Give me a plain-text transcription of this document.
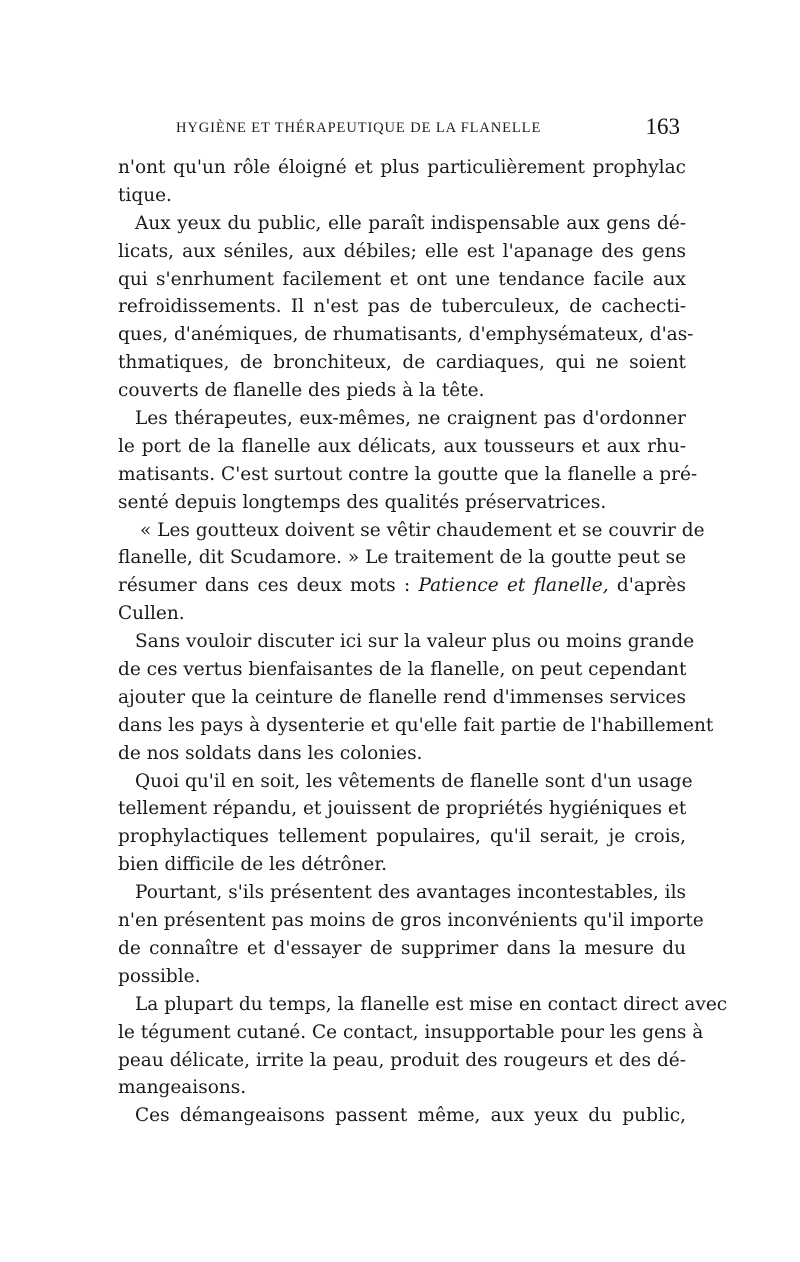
HYGIÈNE ET THÉRAPEUTIQUE DE LA FLANELLE	163
n'ont qu'un rôle éloigné et plus particulièrement prophylac
tique.
Aux yeux du public, elle paraît indispensable aux gens dé-
licats, aux séniles, aux débiles; elle est l'apanage des gens
qui s'enrhument facilement et ont une tendance facile aux
refroidissements. Il n'est pas de tuberculeux, de cachecti-
ques, d'anémiques, de rhumatisants, d'emphysémateux, d'as-
thmatiques, de bronchiteux, de cardiaques, qui ne soient
couverts de flanelle des pieds à la tête.
Les thérapeutes, eux-mêmes, ne craignent pas d'ordonner
le port de la flanelle aux délicats, aux tousseurs et aux rhu-
matisants. C'est surtout contre la goutte que la flanelle a pré-
senté depuis longtemps des qualités préservatrices.
« Les goutteux doivent se vêtir chaudement et se couvrir de
flanelle, dit Scudamore. » Le traitement de la goutte peut se
résumer dans ces deux mots : Patience et flanelle, d'après
Cullen.
Sans vouloir discuter ici sur la valeur plus ou moins grande
de ces vertus bienfaisantes de la flanelle, on peut cependant
ajouter que la ceinture de flanelle rend d'immenses services
dans les pays à dysenterie et qu'elle fait partie de l'habillement
de nos soldats dans les colonies.
Quoi qu'il en soit, les vêtements de flanelle sont d'un usage
tellement répandu, et jouissent de propriétés hygiéniques et
prophylactiques tellement populaires, qu'il serait, je crois,
bien difficile de les détrôner.
Pourtant, s'ils présentent des avantages incontestables, ils
n'en présentent pas moins de gros inconvénients qu'il importe
de connaître et d'essayer de supprimer dans la mesure du
possible.
La plupart du temps, la flanelle est mise en contact direct avec
le tégument cutané. Ce contact, insupportable pour les gens à
peau délicate, irrite la peau, produit des rougeurs et des dé-
mangeaisons.
Ces démangeaisons passent même, aux yeux du public,
